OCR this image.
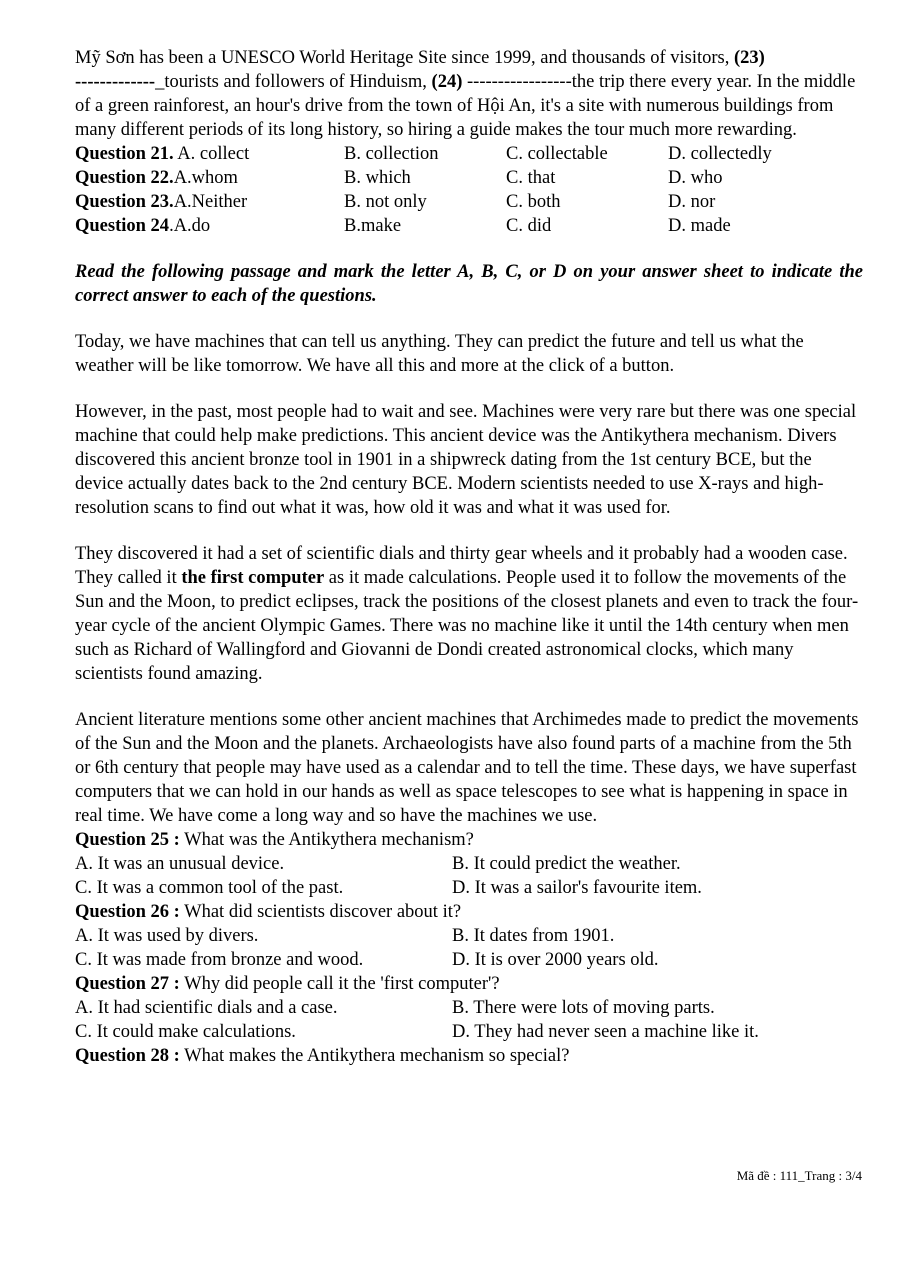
Mỹ Sơn has been a UNESCO World Heritage Site since 1999, and thousands of visitors, (23)
-------------_tourists and followers of Hinduism, (24) -----------------the trip there every year. In the middle of a green rainforest, an hour's drive from the town of Hội An, it's a site with numerous buildings from many different periods of its long history, so hiring a guide makes the tour much more rewarding.

Question 21. A. collect	B. collection	C. collectable	D. collectedly
Question 22.A.whom	B. which	C. that	D. who
Question 23.A.Neither	B. not only	C. both	D. nor
Question 24.A.do	B.make	C. did	D. made

Read the following passage and mark the letter A, B, C, or D on your answer sheet to indicate the correct answer to each of the questions.

Today, we have machines that can tell us anything. They can predict the future and tell us what the weather will be like tomorrow. We have all this and more at the click of a button.

However, in the past, most people had to wait and see. Machines were very rare but there was one special machine that could help make predictions. This ancient device was the Antikythera mechanism. Divers discovered this ancient bronze tool in 1901 in a shipwreck dating from the 1st century BCE, but the device actually dates back to the 2nd century BCE. Modern scientists needed to use X-rays and high-resolution scans to find out what it was, how old it was and what it was used for.

They discovered it had a set of scientific dials and thirty gear wheels and it probably had a wooden case. They called it the first computer as it made calculations. People used it to follow the movements of the Sun and the Moon, to predict eclipses, track the positions of the closest planets and even to track the four-year cycle of the ancient Olympic Games. There was no machine like it until the 14th century when men such as Richard of Wallingford and Giovanni de Dondi created astronomical clocks, which many scientists found amazing.

Ancient literature mentions some other ancient machines that Archimedes made to predict the movements of the Sun and the Moon and the planets. Archaeologists have also found parts of a machine from the 5th or 6th century that people may have used as a calendar and to tell the time. These days, we have superfast computers that we can hold in our hands as well as space telescopes to see what is happening in space in real time. We have come a long way and so have the machines we use.

Question 25 : What was the Antikythera mechanism?

A. It was an unusual device.	B. It could predict the weather.
C. It was a common tool of the past.	D. It was a sailor's favourite item.

Question 26 : What did scientists discover about it?

A. It was used by divers.	B. It dates from 1901.
C. It was made from bronze and wood.	D. It is over 2000 years old.

Question 27 : Why did people call it the 'first computer'?

A. It had scientific dials and a case.	B. There were lots of moving parts.
C. It could make calculations.	D. They had never seen a machine like it.

Question 28 : What makes the Antikythera mechanism so special?

Mã đề : 111_Trang : 3/4
